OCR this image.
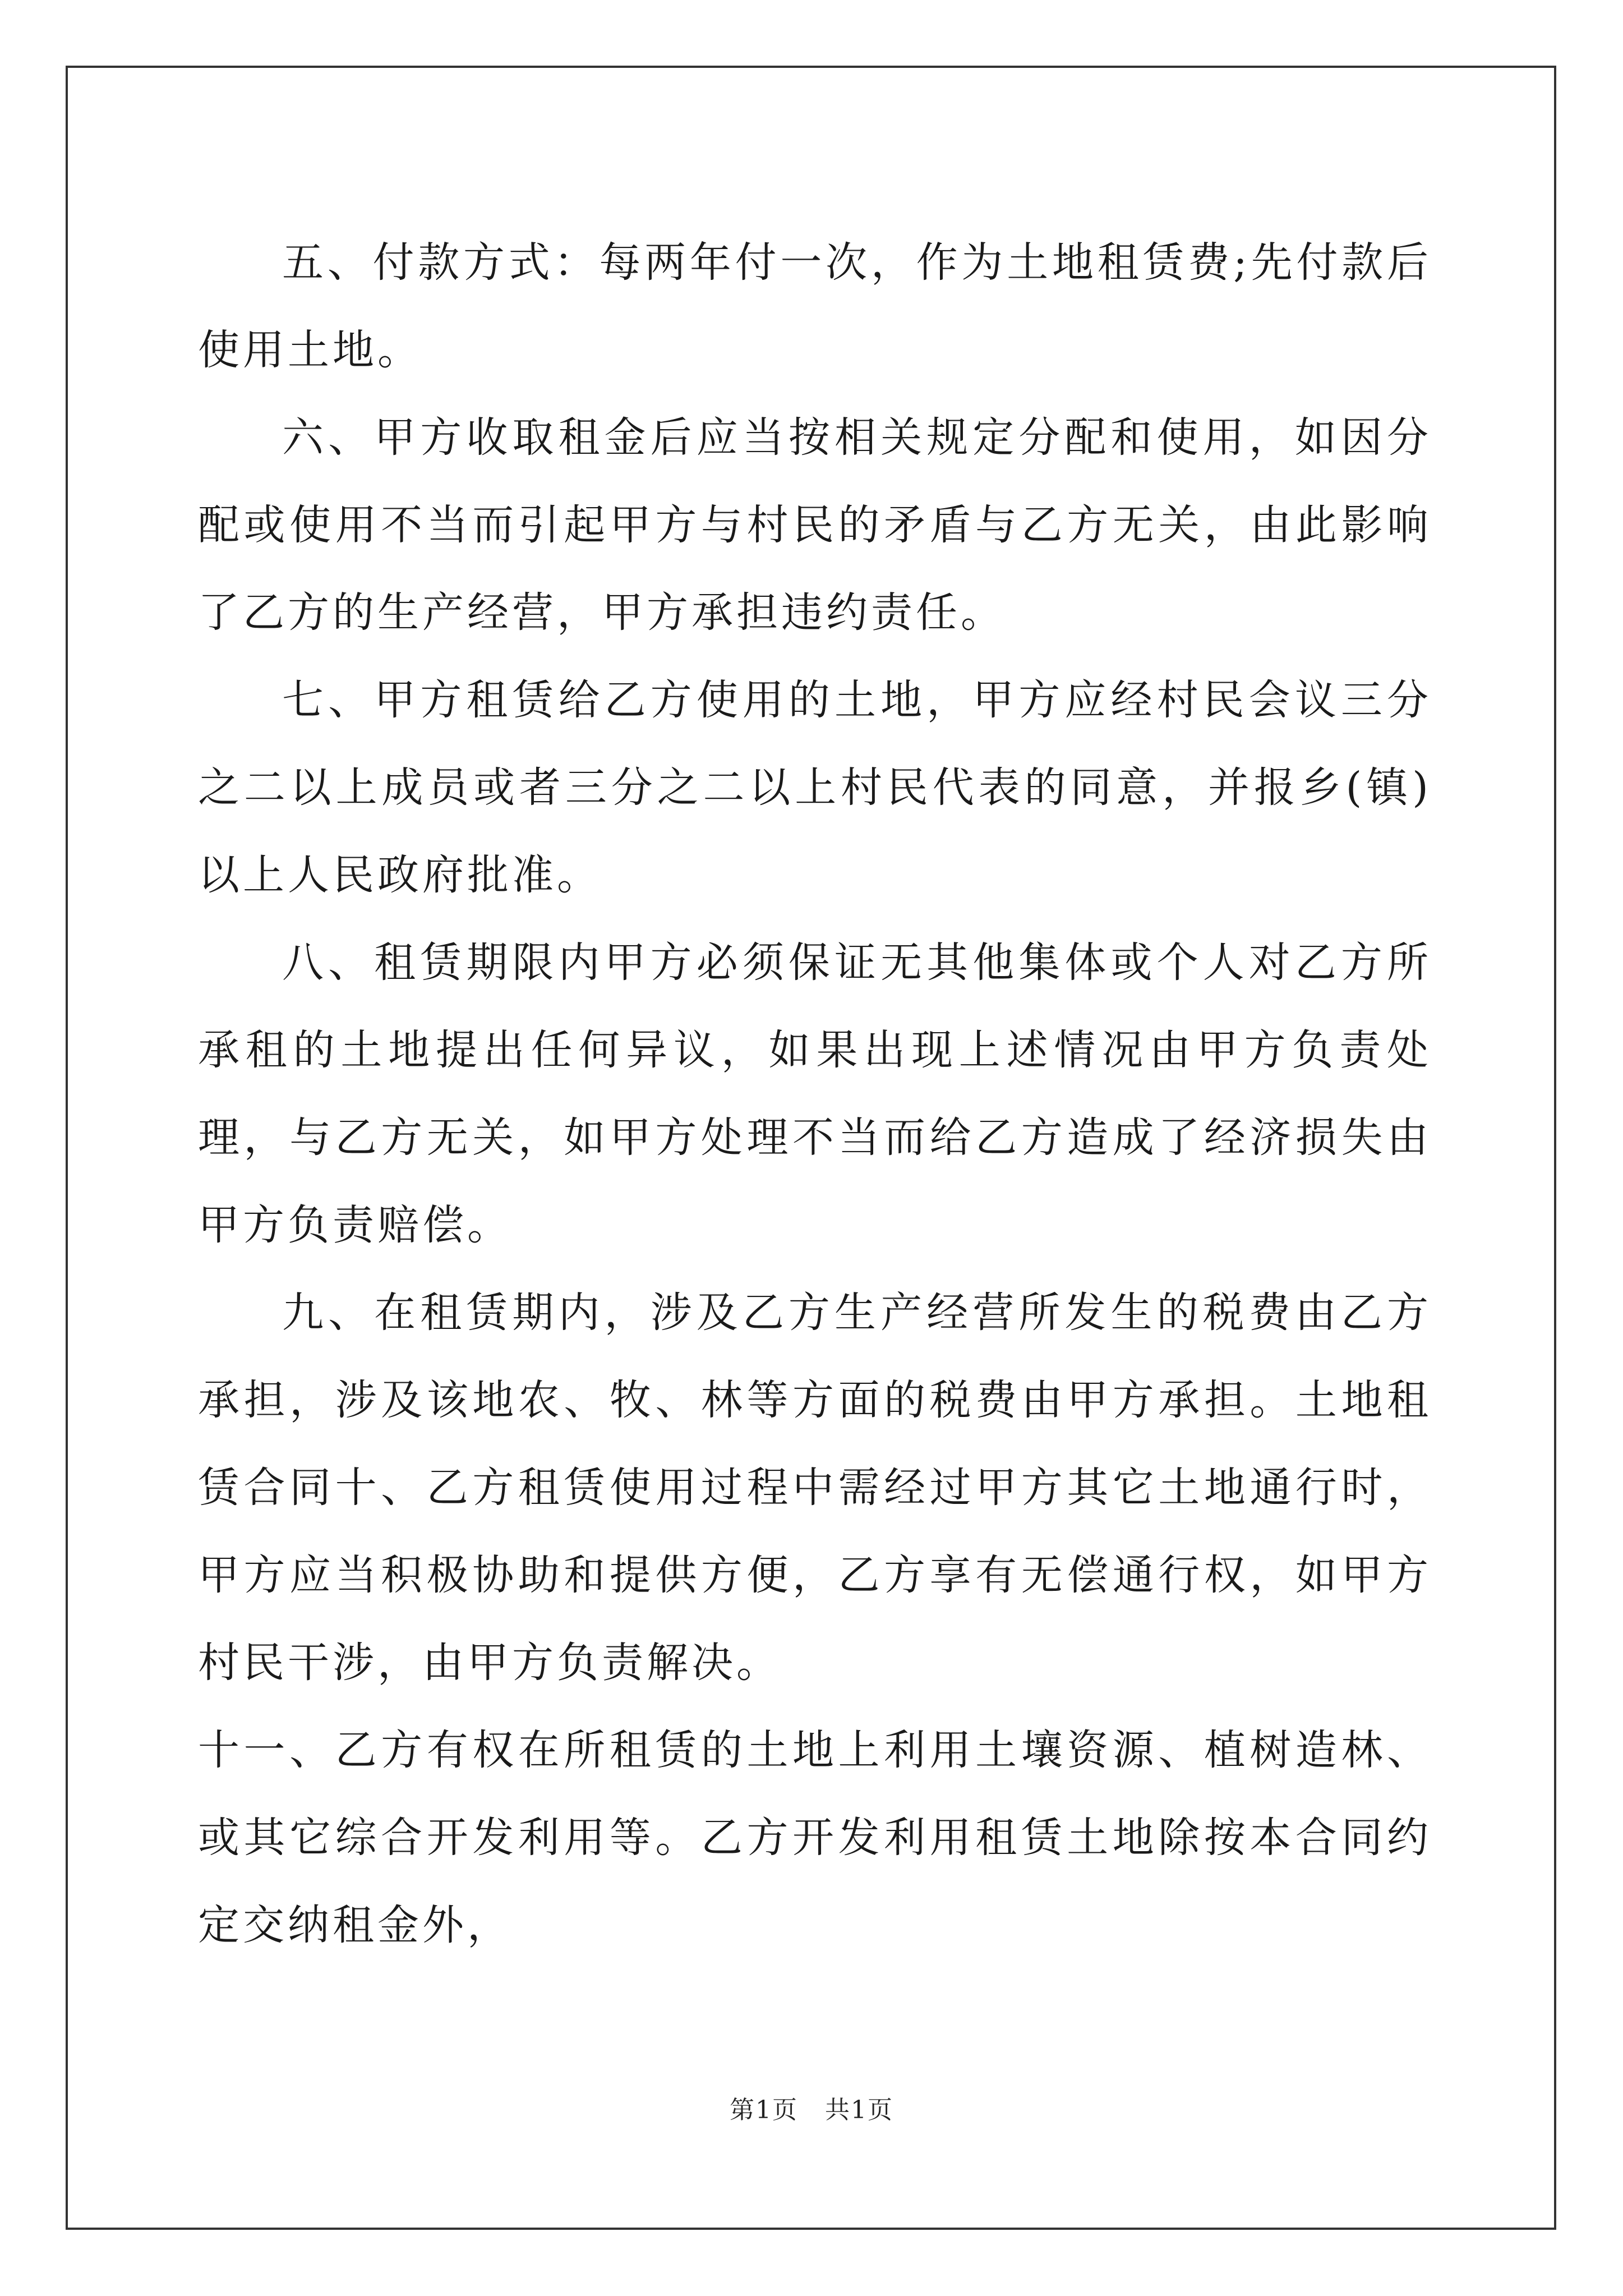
五、付款方式：每两年付一次，作为土地租赁费;先付款后使用土地。

六、甲方收取租金后应当按相关规定分配和使用，如因分配或使用不当而引起甲方与村民的矛盾与乙方无关，由此影响了乙方的生产经营，甲方承担违约责任。

七、甲方租赁给乙方使用的土地，甲方应经村民会议三分之二以上成员或者三分之二以上村民代表的同意，并报乡(镇)以上人民政府批准。

八、租赁期限内甲方必须保证无其他集体或个人对乙方所承租的土地提出任何异议，如果出现上述情况由甲方负责处理，与乙方无关，如甲方处理不当而给乙方造成了经济损失由甲方负责赔偿。

九、在租赁期内，涉及乙方生产经营所发生的税费由乙方承担，涉及该地农、牧、林等方面的税费由甲方承担。土地租赁合同十、乙方租赁使用过程中需经过甲方其它土地通行时，甲方应当积极协助和提供方便，乙方享有无偿通行权，如甲方村民干涉，由甲方负责解决。

十一、乙方有权在所租赁的土地上利用土壤资源、植树造林、或其它综合开发利用等。乙方开发利用租赁土地除按本合同约定交纳租金外，

第1页 共1页
